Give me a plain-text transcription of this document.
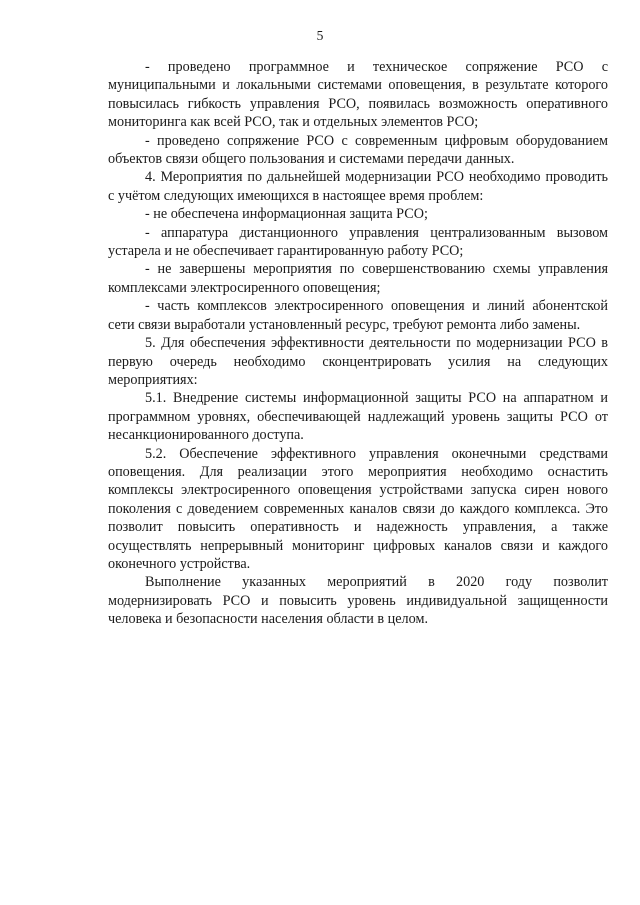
5

- проведено программное и техническое сопряжение РСО с муниципальными и локальными системами оповещения, в результате которого повысилась гибкость управления РСО, появилась возможность оперативного мониторинга как всей РСО, так и отдельных элементов РСО;

- проведено сопряжение РСО с современным цифровым оборудованием объектов связи общего пользования и системами передачи данных.

4. Мероприятия по дальнейшей модернизации РСО необходимо проводить с учётом следующих имеющихся в настоящее время проблем:

- не обеспечена информационная защита РСО;

- аппаратура дистанционного управления централизованным вызовом устарела и не обеспечивает гарантированную работу РСО;

- не завершены мероприятия по совершенствованию схемы управления комплексами электросиренного оповещения;

- часть комплексов электросиренного оповещения и линий абонентской сети связи выработали установленный ресурс, требуют ремонта либо замены.

5. Для обеспечения эффективности деятельности по модернизации РСО в первую очередь необходимо сконцентрировать усилия на следующих мероприятиях:

5.1. Внедрение системы информационной защиты РСО на аппаратном и программном уровнях, обеспечивающей надлежащий уровень защиты РСО от несанкционированного доступа.

5.2. Обеспечение эффективного управления оконечными средствами оповещения. Для реализации этого мероприятия необходимо оснастить комплексы электросиренного оповещения устройствами запуска сирен нового поколения с доведением современных каналов связи до каждого комплекса. Это позволит повысить оперативность и надежность управления, а также осуществлять непрерывный мониторинг цифровых каналов связи и каждого оконечного устройства.

Выполнение указанных мероприятий в 2020 году позволит модернизировать РСО и повысить уровень индивидуальной защищенности человека и безопасности населения области в целом.
